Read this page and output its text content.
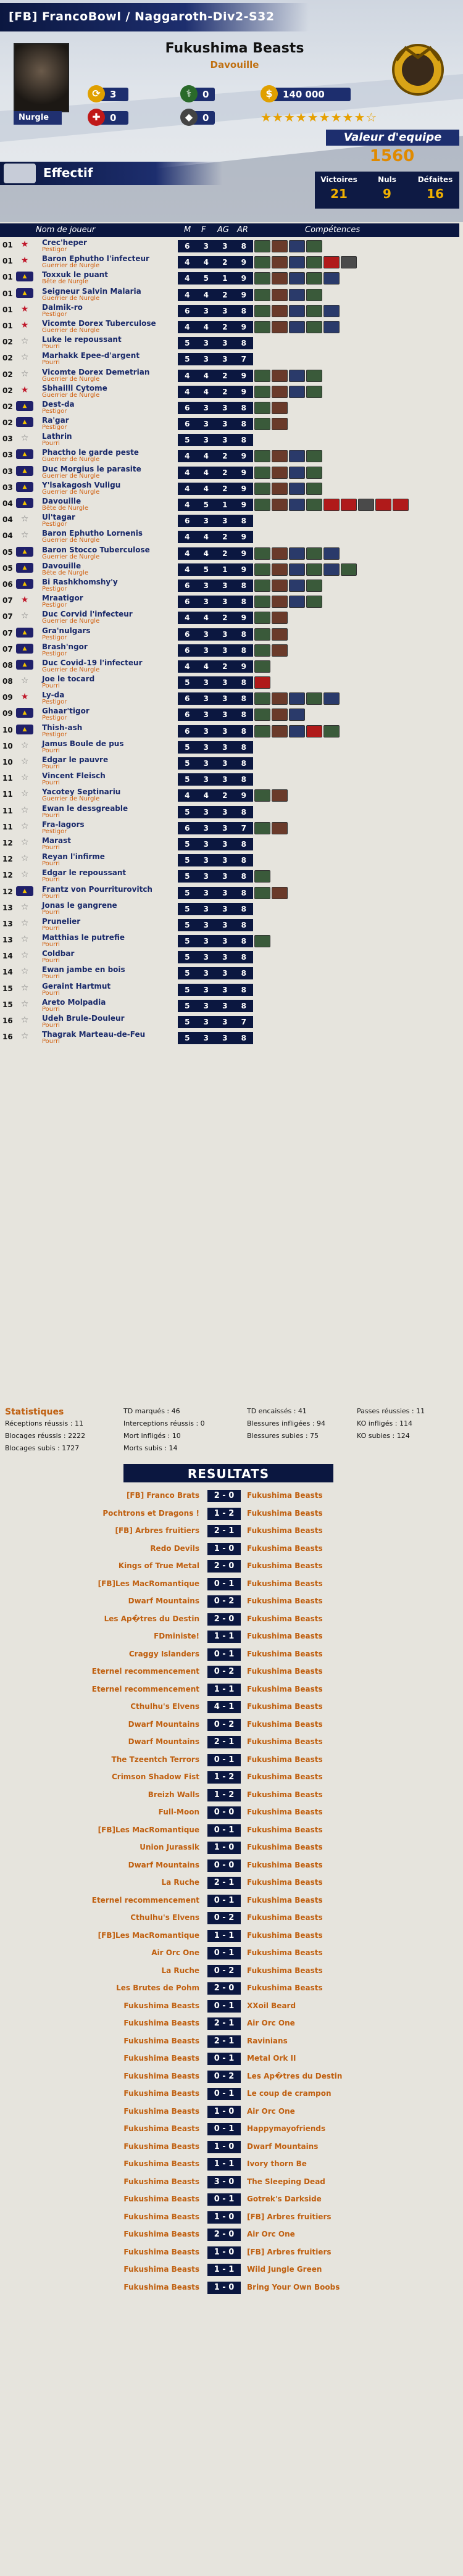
[FB] FrancoBowl / Naggaroth-Div2-S32
Nurgle
Fukushima Beasts
Davouille
⟳	3	⚕	0
✚	0	◆	0
$	140 000
★★★★★★★★★☆
Valeur d'equipe
1560
Effectif	Victoires
21
Nuls
9
Défaites
16
Nom de joueur	M F AG AR	Compétences
01 ★	Crec'heper
Pestigor	6 3 3 8
01 ★	Baron Ephutho l'infecteur
Guerrier de Nurgle	4 4 2 9
01	▲	Toxxuk le puant
Bête de Nurgle	4 5 1 9
01	▲	Seigneur Salvin Malaria
Guerrier de Nurgle	4 4 2 9
01 ★	Dalmik-ro
Pestigor	6 3 3 8
01 ★	Vicomte Dorex Tuberculose
Guerrier de Nurgle	4 4 2 9
02 ☆	Luke le repoussant
Pourri	5 3 3 8
02 ☆	Marhakk Epee-d'argent
Pourri	5 3 3 7
02 ☆	Vicomte Dorex Demetrian
Guerrier de Nurgle	4 4 2 9
02 ★	Sbhailll Cytome
Guerrier de Nurgle	4 4 2 9
02	▲	Dest-da
Pestigor	6 3 3 8
02	▲	Ra'gar
Pestigor	6 3 3 8
03 ☆	Lathrin
Pourri	5 3 3 8
03	▲	Phactho le garde peste
Guerrier de Nurgle	4 4 2 9
03	▲	Duc Morgius le parasite
Guerrier de Nurgle	4 4 2 9
03	▲	Y'lsakagosh Vuligu
Guerrier de Nurgle	4 4 2 9
04	▲	Davouille
Bête de Nurgle	4 5 1 9
04 ☆	Ul'tagar
Pestigor	6 3 3 8
04 ☆	Baron Ephutho Lornenis
Guerrier de Nurgle	4 4 2 9
05	▲	Baron Stocco Tuberculose
Guerrier de Nurgle	4 4 2 9
05	▲	Davouille
Bête de Nurgle	4 5 1 9
06	▲	Bi Rashkhomshy'y
Pestigor	6 3 3 8
07 ★	Mraatigor
Pestigor	6 3 3 8
07 ☆	Duc Corvid l'infecteur
Guerrier de Nurgle	4 4 2 9
07	▲	Gra'nulgars
Pestigor	6 3 3 8
07	▲	Brash'ngor
Pestigor	6 3 3 8
08	▲	Duc Covid-19 l'infecteur
Guerrier de Nurgle	4 4 2 9
08 ☆	Joe le tocard
Pourri	5 3 3 8
09 ★	Ly-da
Pestigor	6 3 3 8
09	▲	Ghaar'tigor
Pestigor	6 3 3 8
10	▲	Thish-ash
Pestigor	6 3 3 8
10 ☆	Jamus Boule de pus
Pourri	5 3 3 8
10 ☆	Edgar le pauvre
Pourri	5 3 3 8
11 ☆	Vincent Fleisch
Pourri	5 3 3 8
11 ☆	Yacotey Septinariu
Guerrier de Nurgle	4 4 2 9
11 ☆	Ewan le dessgreable
Pourri	5 3 3 8
11 ☆	Fra-lagors
Pestigor	6 3 3 7
12 ☆	Marast
Pourri	5 3 3 8
12 ☆	Reyan l'infirme
Pourri	5 3 3 8
12 ☆	Edgar le repoussant
Pourri	5 3 3 8
12	▲	Frantz von Pourriturovitch
Pourri	5 3 3 8
13 ☆	Jonas le gangrene
Pourri	5 3 3 8
13 ☆	Prunelier
Pourri	5 3 3 8
13 ☆	Matthias le putrefie
Pourri	5 3 3 8
14 ☆	Coldbar
Pourri	5 3 3 8
14 ☆	Ewan jambe en bois
Pourri	5 3 3 8
15 ☆	Geraint Hartmut
Pourri	5 3 3 8
15 ☆	Areto Molpadia
Pourri	5 3 3 8
16 ☆	Udeh Brule-Douleur
Pourri	5 3 3 7
16 ☆	Thagrak Marteau-de-Feu
Pourri	5 3 3 8
Statistiques
Réceptions réussis : 11
Blocages réussis : 2222
Blocages subis : 1727
TD marqués : 46
Interceptions réussis : 0
Mort infligés : 10
Morts subis : 14
TD encaissés : 41
Blessures infligées : 94
Blessures subies : 75
Passes réussies : 11
KO infligés : 114
KO subies : 124
RESULTATS
[FB] Franco Brats	2 - 0	Fukushima Beasts
Pochtrons et Dragons !	1 - 2	Fukushima Beasts
[FB] Arbres fruitiers	2 - 1	Fukushima Beasts
Redo Devils	1 - 0	Fukushima Beasts
Kings of True Metal	2 - 0	Fukushima Beasts
[FB]Les MacRomantique	0 - 1	Fukushima Beasts
Dwarf Mountains	0 - 2	Fukushima Beasts
Les Ap�tres du Destin	2 - 0	Fukushima Beasts
FDministe!	1 - 1	Fukushima Beasts
Craggy Islanders	0 - 1	Fukushima Beasts
Eternel recommencement	0 - 2	Fukushima Beasts
Eternel recommencement	1 - 1	Fukushima Beasts
Cthulhu's Elvens	4 - 1	Fukushima Beasts
Dwarf Mountains	0 - 2	Fukushima Beasts
Dwarf Mountains	2 - 1	Fukushima Beasts
The Tzeentch Terrors	0 - 1	Fukushima Beasts
Crimson Shadow Fist	1 - 2	Fukushima Beasts
Breizh Walls	1 - 2	Fukushima Beasts
Full-Moon	0 - 0	Fukushima Beasts
[FB]Les MacRomantique	0 - 1	Fukushima Beasts
Union Jurassik	1 - 0	Fukushima Beasts
Dwarf Mountains	0 - 0	Fukushima Beasts
La Ruche	2 - 1	Fukushima Beasts
Eternel recommencement	0 - 1	Fukushima Beasts
Cthulhu's Elvens	0 - 2	Fukushima Beasts
[FB]Les MacRomantique	1 - 1	Fukushima Beasts
Air Orc One	0 - 1	Fukushima Beasts
La Ruche	0 - 2	Fukushima Beasts
Les Brutes de Pohm	2 - 0	Fukushima Beasts
Fukushima Beasts	0 - 1	XXoil Beard
Fukushima Beasts	2 - 1	Air Orc One
Fukushima Beasts	2 - 1	Ravinians
Fukushima Beasts	0 - 1	Metal Ork II
Fukushima Beasts	0 - 2	Les Ap�tres du Destin
Fukushima Beasts	0 - 1	Le coup de crampon
Fukushima Beasts	1 - 0	Air Orc One
Fukushima Beasts	0 - 1	Happymayofriends
Fukushima Beasts	1 - 0	Dwarf Mountains
Fukushima Beasts	1 - 1	Ivory thorn Be
Fukushima Beasts	3 - 0	The Sleeping Dead
Fukushima Beasts	0 - 1	Gotrek's Darkside
Fukushima Beasts	1 - 0	[FB] Arbres fruitiers
Fukushima Beasts	2 - 0	Air Orc One
Fukushima Beasts	1 - 0	[FB] Arbres fruitiers
Fukushima Beasts	1 - 1	Wild Jungle Green
Fukushima Beasts	1 - 0	Bring Your Own Boobs
